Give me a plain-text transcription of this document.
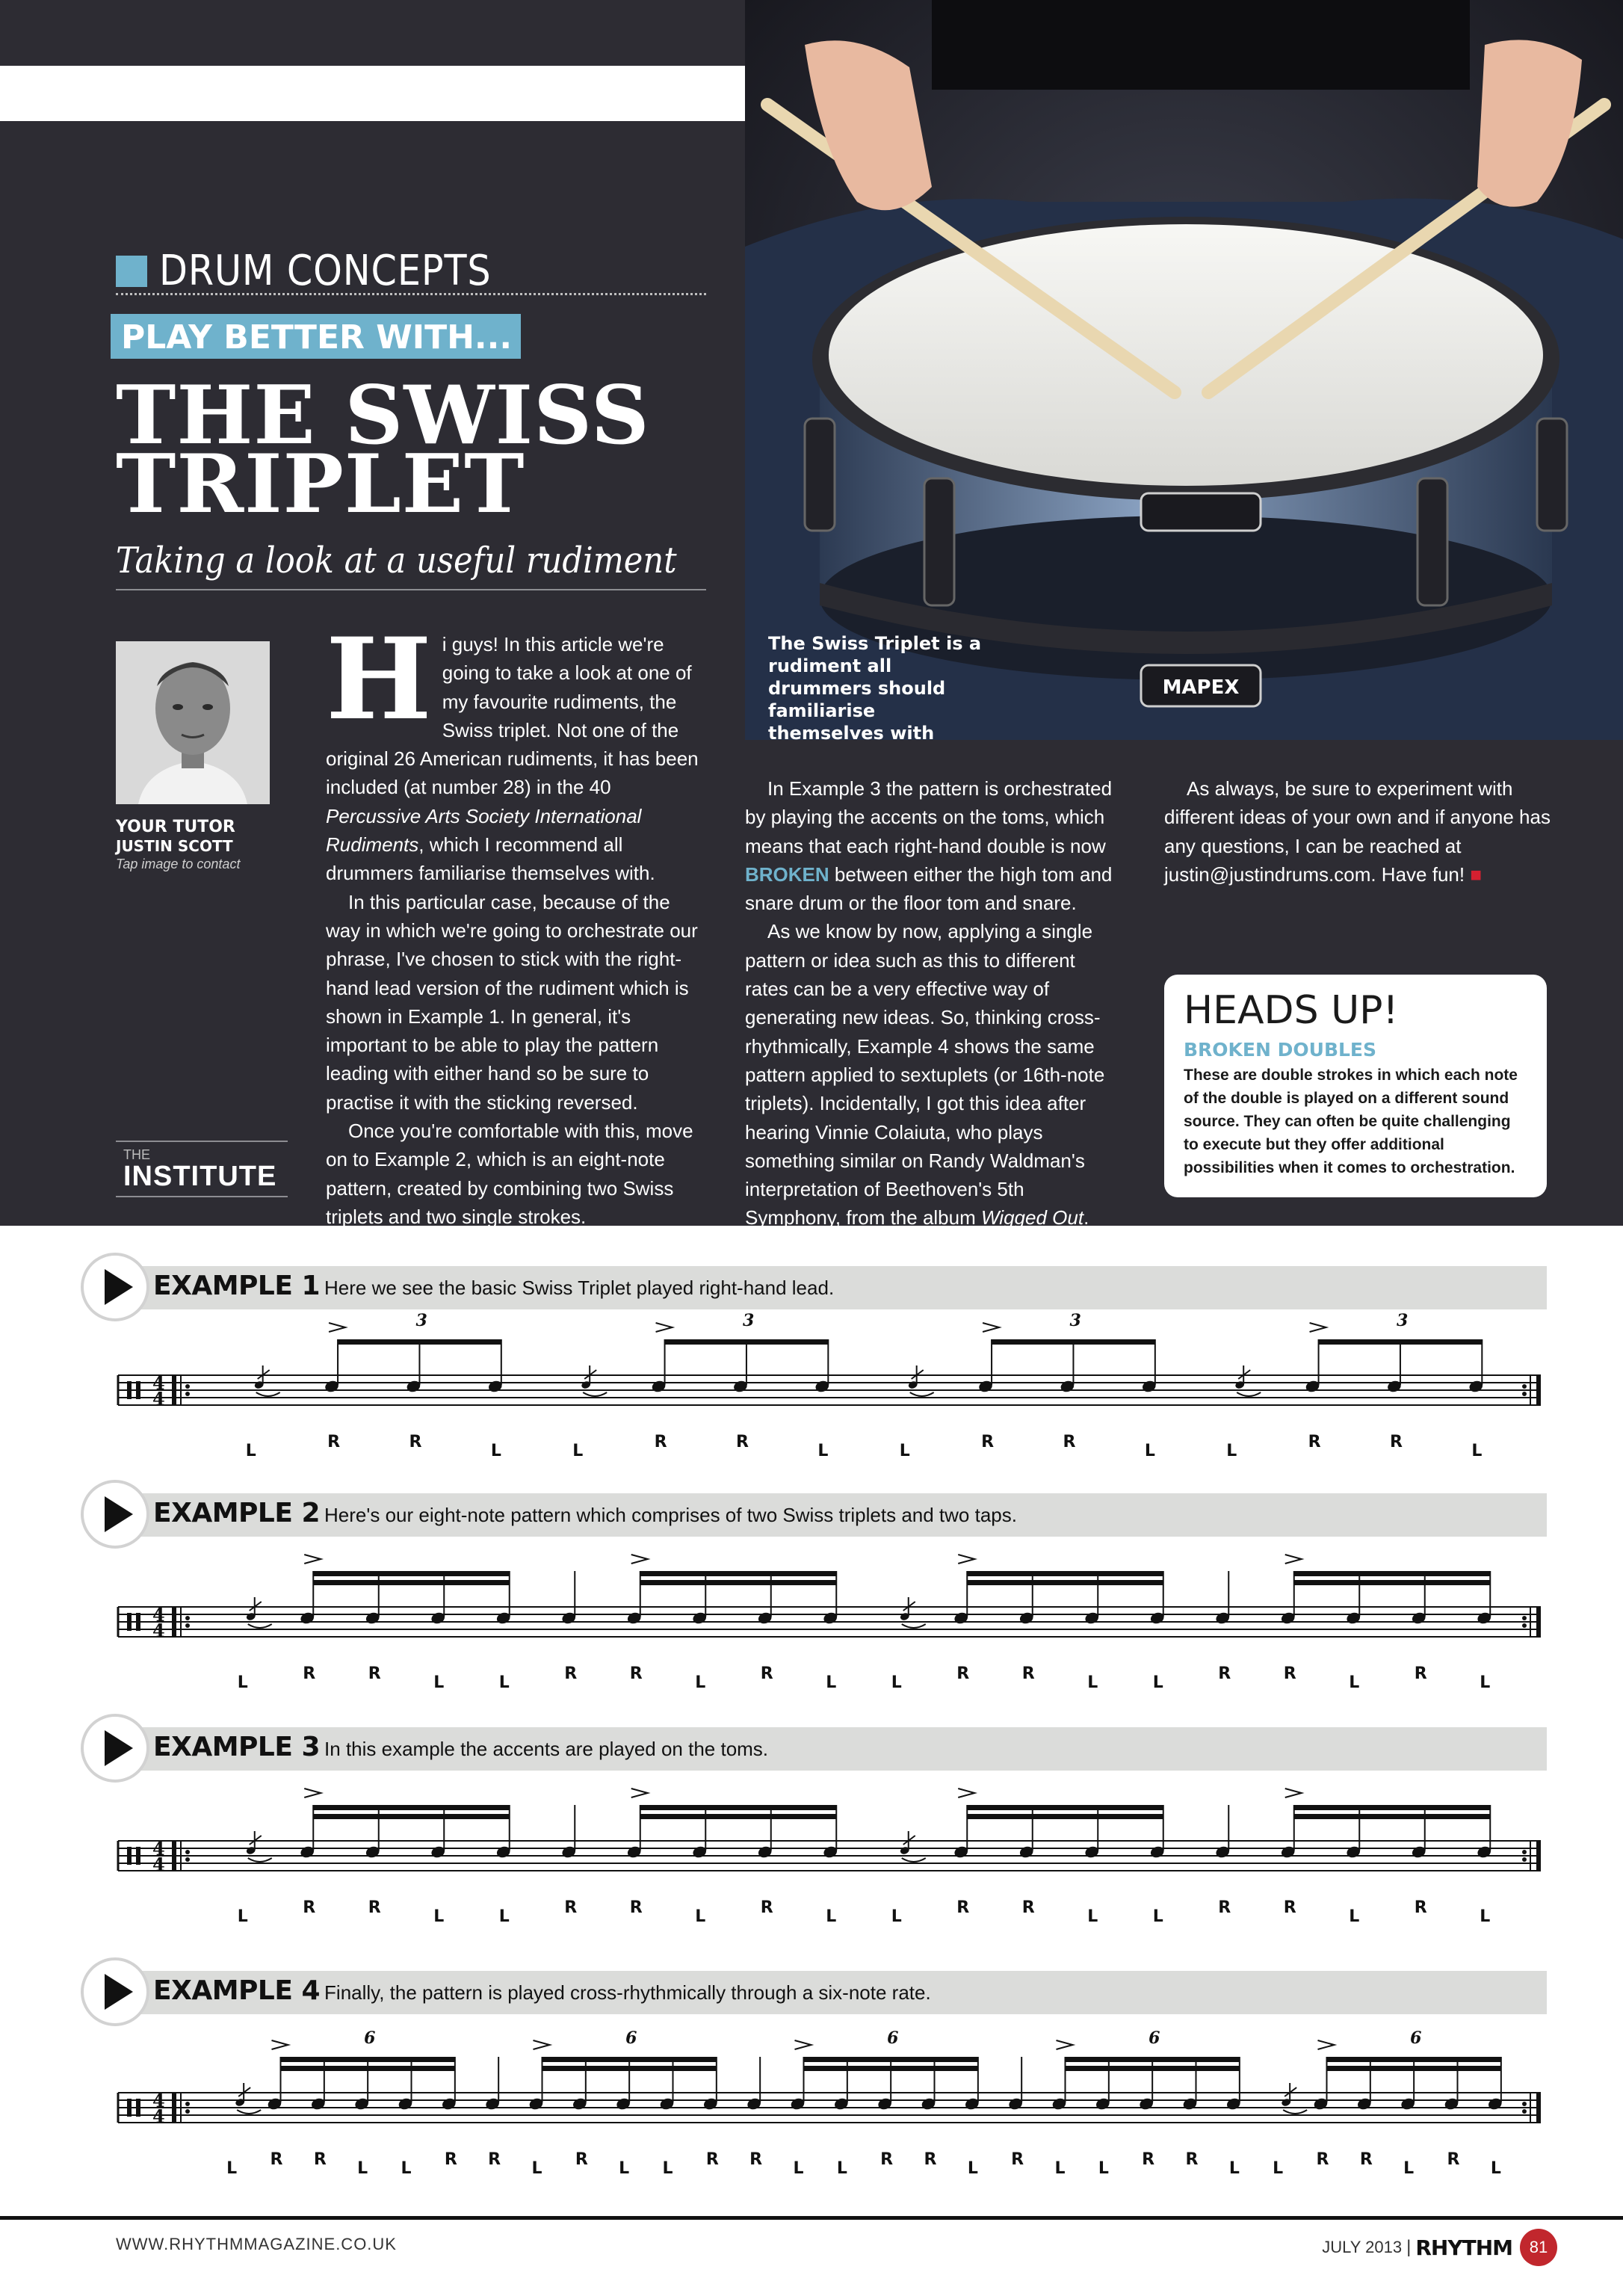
MAPEX
The Swiss Triplet is a rudiment all drummers should familiarise themselves with
DRUM CONCEPTS
PLAY BETTER WITH...
THE SWISS
TRIPLET
Taking a look at a useful rudiment
YOUR TUTOR
JUSTIN SCOTT
Tap image to contact
THE
INSTITUTE
H i guys! In this article we're going to take a look at one of my favourite rudiments, the Swiss triplet. Not one of the original 26 American rudiments, it has been included (at number 28) in the 40 Percussive Arts Society International Rudiments, which I recommend all drummers familiarise themselves with.

In this particular case, because of the way in which we're going to orchestrate our phrase, I've chosen to stick with the right-hand lead version of the rudiment which is shown in Example 1. In general, it's important to be able to play the pattern leading with either hand so be sure to practise it with the sticking reversed.

Once you're comfortable with this, move on to Example 2, which is an eight-note pattern, created by combining two Swiss triplets and two single strokes.

In Example 3 the pattern is orchestrated by playing the accents on the toms, which means that each right-hand double is now BROKEN between either the high tom and snare drum or the floor tom and snare.

As we know by now, applying a single pattern or idea such as this to different rates can be a very effective way of generating new ideas. So, thinking cross-rhythmically, Example 4 shows the same pattern applied to sextuplets (or 16th-note triplets). Incidentally, I got this idea after hearing Vinnie Colaiuta, who plays something similar on Randy Waldman's interpretation of Beethoven's 5th Symphony, from the album Wigged Out.

As always, be sure to experiment with different ideas of your own and if anyone has any questions, I can be reached at justin@justindrums.com. Have fun! ■

HEADS UP!
BROKEN DOUBLES
These are double strokes in which each note of the double is played on a different sound source. They can often be quite challenging to execute but they offer additional possibilities when it comes to orchestration.
EXAMPLE 1 Here we see the basic Swiss Triplet played right-hand lead.
4
4
L	R	R	L	L	R	R	L	L	R	R	L	L	R	R	L
3	3	3	3
EXAMPLE 2 Here's our eight-note pattern which comprises of two Swiss triplets and two taps.
4
4
L	R	R	L	L	R	R	L	R	L	L	R	R	L	L	R	R	L	R	L
EXAMPLE 3 In this example the accents are played on the toms.
4
4
L	R	R	L	L	R	R	L	R	L	L	R	R	L	L	R	R	L	R	L
EXAMPLE 4 Finally, the pattern is played cross-rhythmically through a six-note rate.
4
4
L R R L L R R L R L L R R L L R R L R L L R R L L R R L R L
6	6	6	6	6
WWW.RHYTHMMAGAZINE.CO.UK	JULY 2013 | RHYTHM	81
